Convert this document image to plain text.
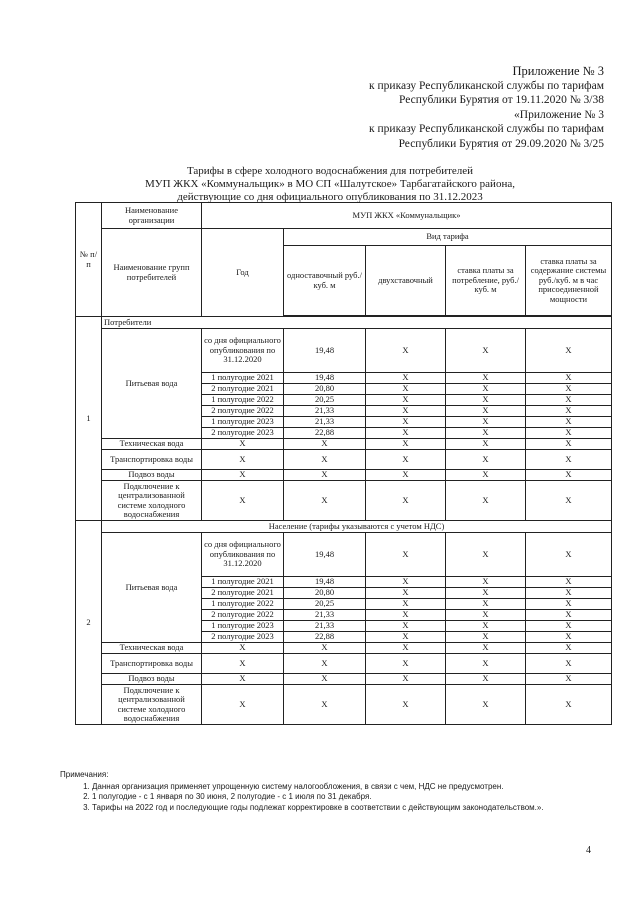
Приложение № 3
к приказу Республиканской службы по тарифам
Республики Бурятия от 19.11.2020 № 3/38
«Приложение № 3
к приказу Республиканской службы по тарифам
Республики Бурятия от 29.09.2020 № 3/25
Тарифы в сфере холодного водоснабжения для потребителей
МУП ЖКХ «Коммунальщик» в МО СП «Шалутское» Тарбагатайского района,
действующие со дня официального опубликования по 31.12.2023
№ п/п	Наименование организации	МУП ЖКХ «Коммунальщик»				
	Наименование групп потребителей	Год	Вид тарифа			
			одноставочный руб./ куб. м	двухставочный	ставка платы за потребление, руб./ куб. м	ставка платы за содержание системы руб./куб. м в час присоединенной мощности

1	Потребители					
	Питьевая вода	со дня официального опубликования по 31.12.2020	19,48	X	X	X
		1 полугодие 2021	19,48	X	X	X
		2 полугодие 2021	20,80	X	X	X
		1 полугодие 2022	20,25	X	X	X
		2 полугодие 2022	21,33	X	X	X
		1 полугодие 2023	21,33	X	X	X
		2 полугодие 2023	22,88	X	X	X
	Техническая вода	X	X	X	X	X
	Транспортировка воды	X	X	X	X	X
	Подвоз воды	X	X	X	X	X
	Подключение к централизованной системе холодного водоснабжения	X	X	X	X	X
2	Население (тарифы указываются с учетом НДС)					
	Питьевая вода	со дня официального опубликования по 31.12.2020	19,48	X	X	X
		1 полугодие 2021	19,48	X	X	X
		2 полугодие 2021	20,80	X	X	X
		1 полугодие 2022	20,25	X	X	X
		2 полугодие 2022	21,33	X	X	X
		1 полугодие 2023	21,33	X	X	X
		2 полугодие 2023	22,88	X	X	X
	Техническая вода	X	X	X	X	X
	Транспортировка воды	X	X	X	X	X
	Подвоз воды	X	X	X	X	X
	Подключение к централизованной системе холодного водоснабжения	X	X	X	X	X
Примечания:
1. Данная организация применяет упрощенную систему налогообложения, в связи с чем, НДС не предусмотрен.
2. 1 полугодие - с 1 января по 30 июня, 2 полугодие - с 1 июля по 31 декабря.
3. Тарифы на 2022 год и последующие годы подлежат корректировке в соответствии с действующим законодательством.».
4
